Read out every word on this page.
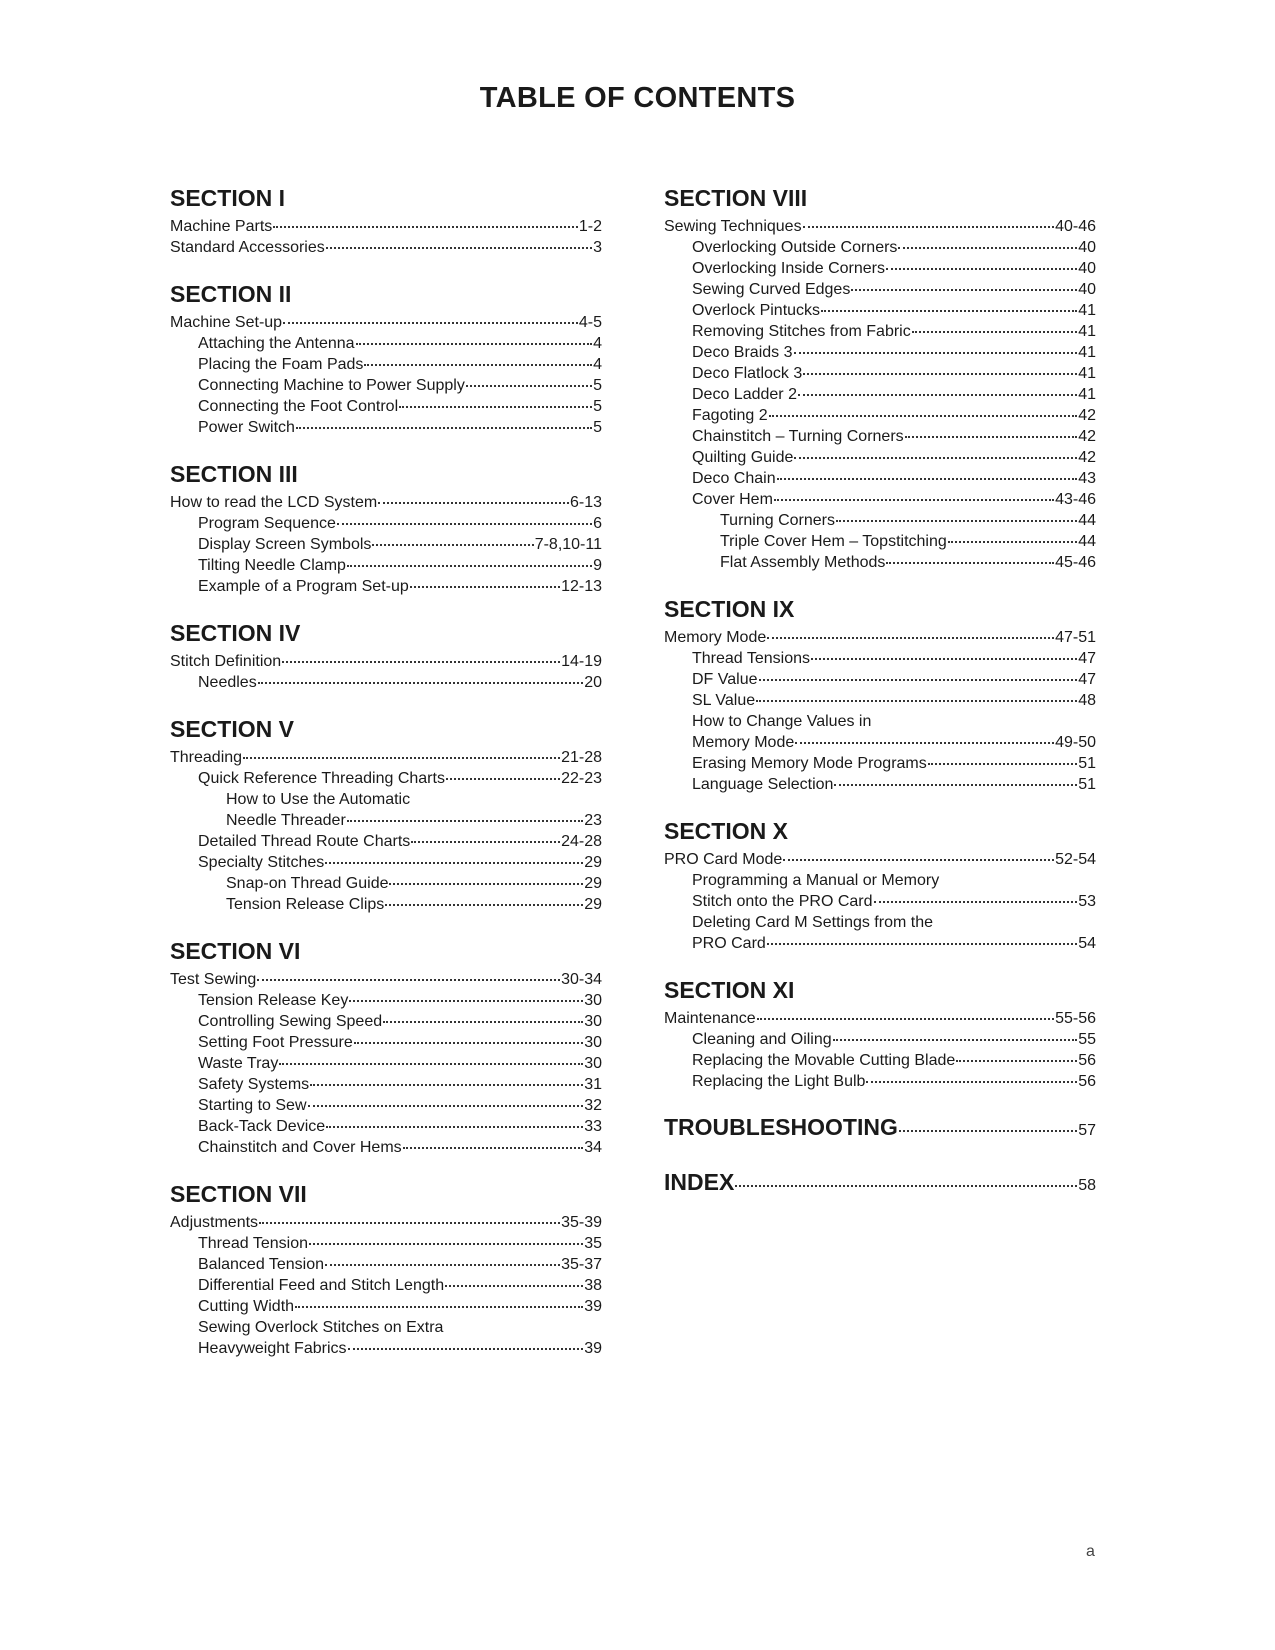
TABLE OF CONTENTS
SECTION I
Machine Parts	1-2
Standard Accessories	3
SECTION II
Machine Set-up	4-5
Attaching the Antenna	4
Placing the Foam Pads	4
Connecting Machine to Power Supply	5
Connecting the Foot Control	5
Power Switch	5
SECTION III
How to read the LCD System	6-13
Program Sequence	6
Display Screen Symbols	7-8,10-11
Tilting Needle Clamp	9
Example of a Program Set-up	12-13
SECTION IV
Stitch Definition	14-19
Needles	20
SECTION V
Threading	21-28
Quick Reference Threading Charts	22-23
How to Use the Automatic
Needle Threader	23
Detailed Thread Route Charts	24-28
Specialty Stitches	29
Snap-on Thread Guide	29
Tension Release Clips	29
SECTION VI
Test Sewing	30-34
Tension Release Key	30
Controlling Sewing Speed	30
Setting Foot Pressure	30
Waste Tray	30
Safety Systems	31
Starting to Sew	32
Back-Tack Device	33
Chainstitch and Cover Hems	34
SECTION VII
Adjustments	35-39
Thread Tension	35
Balanced Tension	35-37
Differential Feed and Stitch Length	38
Cutting Width	39
Sewing Overlock Stitches on Extra
Heavyweight Fabrics	39
SECTION VIII
Sewing Techniques	40-46
Overlocking Outside Corners	40
Overlocking Inside Corners	40
Sewing Curved Edges	40
Overlock Pintucks	41
Removing Stitches from Fabric	41
Deco Braids 3	41
Deco Flatlock 3	41
Deco Ladder 2	41
Fagoting 2	42
Chainstitch – Turning Corners	42
Quilting Guide	42
Deco Chain	43
Cover Hem	43-46
Turning Corners	44
Triple Cover Hem – Topstitching	44
Flat Assembly Methods	45-46
SECTION IX
Memory Mode	47-51
Thread Tensions	47
DF Value	47
SL Value	48
How to Change Values in
Memory Mode	49-50
Erasing Memory Mode Programs	51
Language Selection	51
SECTION X
PRO Card Mode	52-54
Programming a Manual or Memory
Stitch onto the PRO Card	53
Deleting Card M Settings from the
PRO Card	54
SECTION XI
Maintenance	55-56
Cleaning and Oiling	55
Replacing the Movable Cutting Blade	56
Replacing the Light Bulb	56
TROUBLESHOOTING	57
INDEX	58
a
